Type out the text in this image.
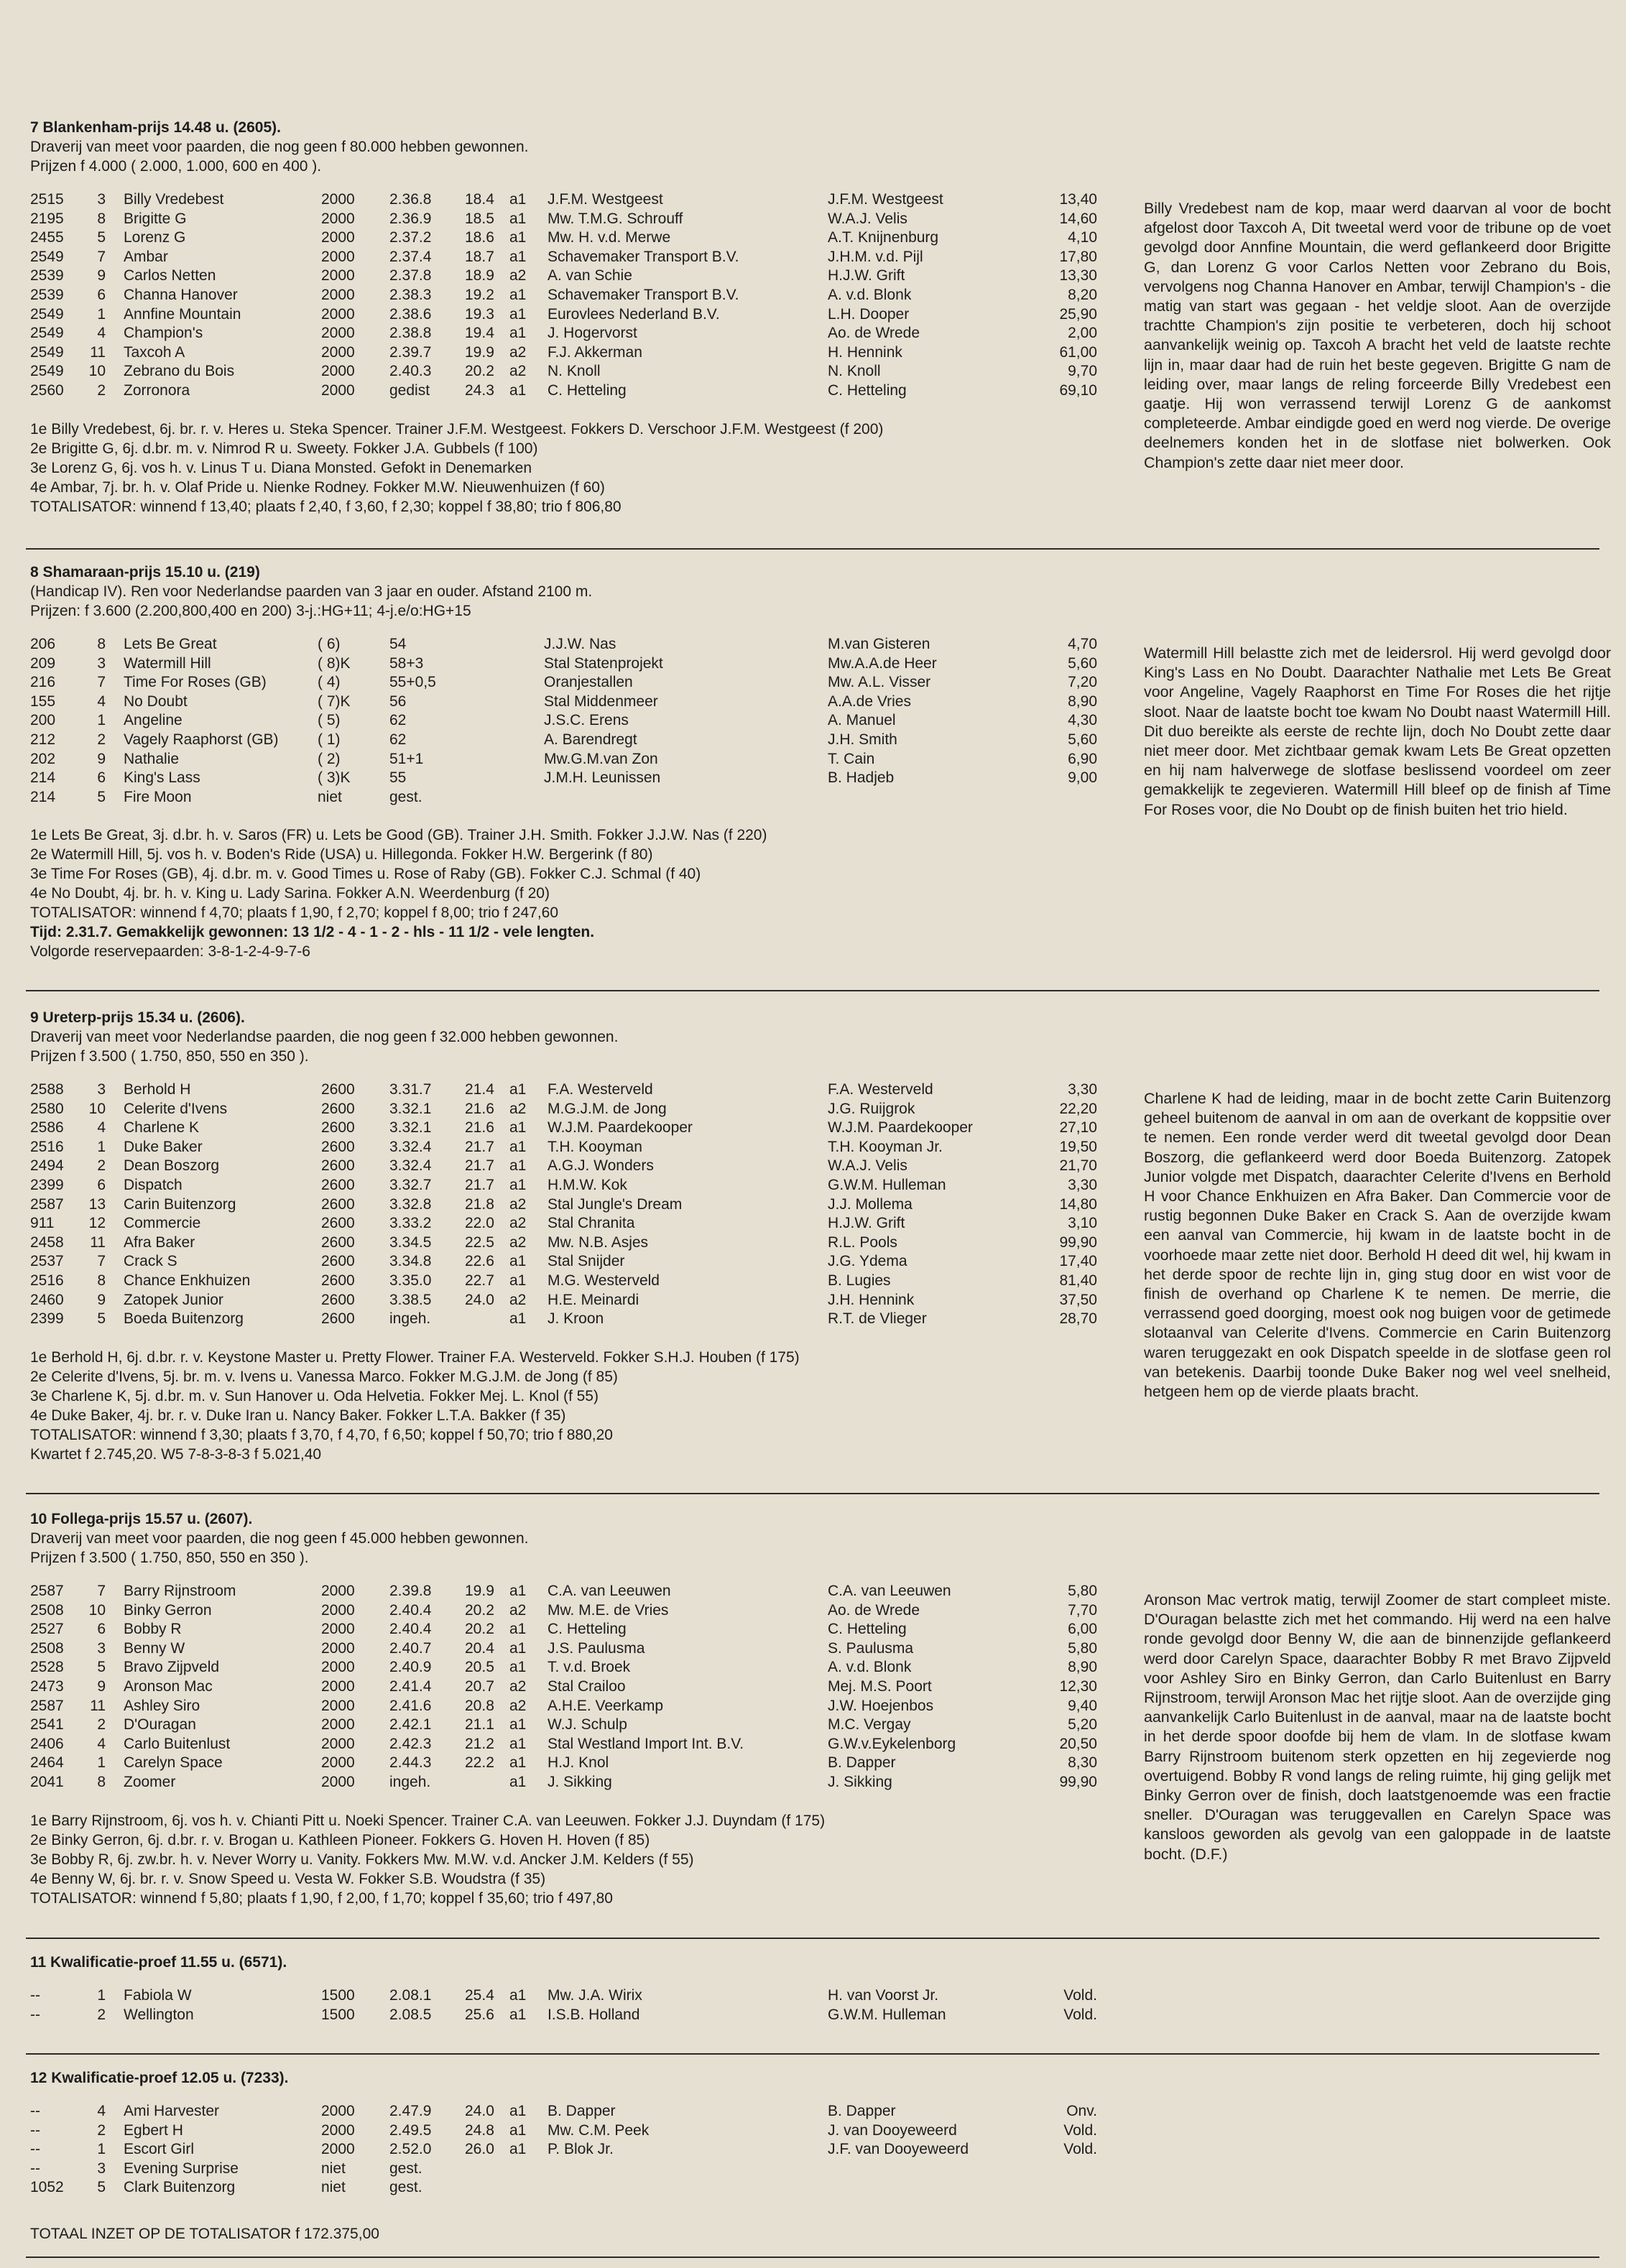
7 Blankenham-prijs 14.48 u. (2605).
Draverij van meet voor paarden, die nog geen f 80.000 hebben gewonnen.
Prijzen f 4.000 ( 2.000, 1.000, 600 en 400 ).
2515	3 Billy Vredebest	2000 2.36.8 18.4 a1 J.F.M. Westgeest	J.F.M. Westgeest	13,40
2195	8 Brigitte G	2000 2.36.9 18.5 a1 Mw. T.M.G. Schrouff	W.A.J. Velis	14,60
2455	5 Lorenz G	2000 2.37.2 18.6 a1 Mw. H. v.d. Merwe	A.T. Knijnenburg	4,10
2549	7 Ambar	2000 2.37.4 18.7 a1 Schavemaker Transport B.V.	J.H.M. v.d. Pijl	17,80
2539	9 Carlos Netten	2000 2.37.8 18.9 a2 A. van Schie	H.J.W. Grift	13,30
2539	6 Channa Hanover	2000 2.38.3 19.2 a1 Schavemaker Transport B.V.	A. v.d. Blonk	8,20
2549	1 Annfine Mountain	2000 2.38.6 19.3 a1 Eurovlees Nederland B.V.	L.H. Dooper	25,90
2549	4 Champion's	2000 2.38.8 19.4 a1 J. Hogervorst	Ao. de Wrede	2,00
2549	11 Taxcoh A	2000 2.39.7 19.9 a2 F.J. Akkerman	H. Hennink	61,00
2549	10 Zebrano du Bois	2000 2.40.3 20.2 a2 N. Knoll	N. Knoll	9,70
2560	2 Zorronora	2000 gedist 24.3 a1 C. Hetteling	C. Hetteling	69,10
1e Billy Vredebest, 6j. br. r. v. Heres u. Steka Spencer. Trainer J.F.M. Westgeest. Fokkers D. Verschoor J.F.M. Westgeest (f 200)
2e Brigitte G, 6j. d.br. m. v. Nimrod R u. Sweety. Fokker J.A. Gubbels (f 100)
3e Lorenz G, 6j. vos h. v. Linus T u. Diana Monsted. Gefokt in Denemarken
4e Ambar, 7j. br. h. v. Olaf Pride u. Nienke Rodney. Fokker M.W. Nieuwenhuizen (f 60)
TOTALISATOR: winnend f 13,40; plaats f 2,40, f 3,60, f 2,30; koppel f 38,80; trio f 806,80
Billy Vredebest nam de kop, maar werd daarvan al voor de bocht afgelost door Taxcoh A, Dit tweetal werd voor de tribune op de voet gevolgd door Annfine Mountain, die werd geflankeerd door Brigitte G, dan Lorenz G voor Carlos Netten voor Zebrano du Bois, vervolgens nog Channa Hanover en Ambar, terwijl Champion's - die matig van start was gegaan - het veldje sloot. Aan de overzijde trachtte Champion's zijn positie te verbeteren, doch hij schoot aanvankelijk weinig op. Taxcoh A bracht het veld de laatste rechte lijn in, maar daar had de ruin het beste gegeven. Brigitte G nam de leiding over, maar langs de reling forceerde Billy Vredebest een gaatje. Hij won verrassend terwijl Lorenz G de aankomst completeerde. Ambar eindigde goed en werd nog vierde. De overige deelnemers konden het in de slotfase niet bolwerken. Ook Champion's zette daar niet meer door.
8 Shamaraan-prijs 15.10 u. (219)
(Handicap IV). Ren voor Nederlandse paarden van 3 jaar en ouder. Afstand 2100 m.
Prijzen: f 3.600 (2.200,800,400 en 200) 3-j.:HG+11; 4-j.e/o:HG+15
206	8 Lets Be Great	( 6)	54	J.J.W. Nas	M.van Gisteren	4,70
209	3 Watermill Hill	( 8)K	58+3	Stal Statenprojekt	Mw.A.A.de Heer	5,60
216	7 Time For Roses (GB)	( 4)	55+0,5	Oranjestallen	Mw. A.L. Visser	7,20
155	4 No Doubt	( 7)K	56	Stal Middenmeer	A.A.de Vries	8,90
200	1 Angeline	( 5)	62	J.S.C. Erens	A. Manuel	4,30
212	2 Vagely Raaphorst (GB)	( 1)	62	A. Barendregt	J.H. Smith	5,60
202	9 Nathalie	( 2)	51+1	Mw.G.M.van Zon	T. Cain	6,90
214	6 King's Lass	( 3)K	55	J.M.H. Leunissen	B. Hadjeb	9,00
214	5 Fire Moon	niet	gest.
1e Lets Be Great, 3j. d.br. h. v. Saros (FR) u. Lets be Good (GB). Trainer J.H. Smith. Fokker J.J.W. Nas (f 220)
2e Watermill Hill, 5j. vos h. v. Boden's Ride (USA) u. Hillegonda. Fokker H.W. Bergerink (f 80)
3e Time For Roses (GB), 4j. d.br. m. v. Good Times u. Rose of Raby (GB). Fokker C.J. Schmal (f 40)
4e No Doubt, 4j. br. h. v. King u. Lady Sarina. Fokker A.N. Weerdenburg (f 20)
TOTALISATOR: winnend f 4,70; plaats f 1,90, f 2,70; koppel f 8,00; trio f 247,60
Tijd: 2.31.7. Gemakkelijk gewonnen: 13 1/2 - 4 - 1 - 2 - hls - 11 1/2 - vele lengten.
Volgorde reservepaarden: 3-8-1-2-4-9-7-6
Watermill Hill belastte zich met de leidersrol. Hij werd gevolgd door King's Lass en No Doubt. Daarachter Nathalie met Lets Be Great voor Angeline, Vagely Raaphorst en Time For Roses die het rijtje sloot. Naar de laatste bocht toe kwam No Doubt naast Watermill Hill. Dit duo bereikte als eerste de rechte lijn, doch No Doubt zette daar niet meer door. Met zichtbaar gemak kwam Lets Be Great opzetten en hij nam halverwege de slotfase beslissend voordeel om zeer gemakkelijk te zegevieren. Watermill Hill bleef op de finish af Time For Roses voor, die No Doubt op de finish buiten het trio hield.
9 Ureterp-prijs 15.34 u. (2606).
Draverij van meet voor Nederlandse paarden, die nog geen f 32.000 hebben gewonnen.
Prijzen f 3.500 ( 1.750, 850, 550 en 350 ).
2588	3 Berhold H	2600 3.31.7 21.4 a1 F.A. Westerveld	F.A. Westerveld	3,30
2580	10 Celerite d'Ivens	2600 3.32.1 21.6 a2 M.G.J.M. de Jong	J.G. Ruijgrok	22,20
2586	4 Charlene K	2600 3.32.1 21.6 a1 W.J.M. Paardekooper	W.J.M. Paardekooper	27,10
2516	1 Duke Baker	2600 3.32.4 21.7 a1 T.H. Kooyman	T.H. Kooyman Jr.	19,50
2494	2 Dean Boszorg	2600 3.32.4 21.7 a1 A.G.J. Wonders	W.A.J. Velis	21,70
2399	6 Dispatch	2600 3.32.7 21.7 a1 H.M.W. Kok	G.W.M. Hulleman	3,30
2587	13 Carin Buitenzorg	2600 3.32.8 21.8 a2 Stal Jungle's Dream	J.J. Mollema	14,80
911	12 Commercie	2600 3.33.2 22.0 a2 Stal Chranita	H.J.W. Grift	3,10
2458	11 Afra Baker	2600 3.34.5 22.5 a2 Mw. N.B. Asjes	R.L. Pools	99,90
2537	7 Crack S	2600 3.34.8 22.6 a1 Stal Snijder	J.G. Ydema	17,40
2516	8 Chance Enkhuizen	2600 3.35.0 22.7 a1 M.G. Westerveld	B. Lugies	81,40
2460	9 Zatopek Junior	2600 3.38.5 24.0 a2 H.E. Meinardi	J.H. Hennink	37,50
2399	5 Boeda Buitenzorg	2600 ingeh.	a1 J. Kroon	R.T. de Vlieger	28,70
1e Berhold H, 6j. d.br. r. v. Keystone Master u. Pretty Flower. Trainer F.A. Westerveld. Fokker S.H.J. Houben (f 175)
2e Celerite d'Ivens, 5j. br. m. v. Ivens u. Vanessa Marco. Fokker M.G.J.M. de Jong (f 85)
3e Charlene K, 5j. d.br. m. v. Sun Hanover u. Oda Helvetia. Fokker Mej. L. Knol (f 55)
4e Duke Baker, 4j. br. r. v. Duke Iran u. Nancy Baker. Fokker L.T.A. Bakker (f 35)
TOTALISATOR: winnend f 3,30; plaats f 3,70, f 4,70, f 6,50; koppel f 50,70; trio f 880,20
Kwartet f 2.745,20. W5 7-8-3-8-3 f 5.021,40
Charlene K had de leiding, maar in de bocht zette Carin Buitenzorg geheel buitenom de aanval in om aan de overkant de koppsitie over te nemen. Een ronde verder werd dit tweetal gevolgd door Dean Boszorg, die geflankeerd werd door Boeda Buitenzorg. Zatopek Junior volgde met Dispatch, daarachter Celerite d'Ivens en Berhold H voor Chance Enkhuizen en Afra Baker. Dan Commercie voor de rustig begonnen Duke Baker en Crack S. Aan de overzijde kwam een aanval van Commercie, hij kwam in de laatste bocht in de voorhoede maar zette niet door. Berhold H deed dit wel, hij kwam in het derde spoor de rechte lijn in, ging stug door en wist voor de finish de overhand op Charlene K te nemen. De merrie, die verrassend goed doorging, moest ook nog buigen voor de getimede slotaanval van Celerite d'Ivens. Commercie en Carin Buitenzorg waren teruggezakt en ook Dispatch speelde in de slotfase geen rol van betekenis. Daarbij toonde Duke Baker nog wel veel snelheid, hetgeen hem op de vierde plaats bracht.
10 Follega-prijs 15.57 u. (2607).
Draverij van meet voor paarden, die nog geen f 45.000 hebben gewonnen.
Prijzen f 3.500 ( 1.750, 850, 550 en 350 ).
2587	7 Barry Rijnstroom	2000 2.39.8 19.9 a1 C.A. van Leeuwen	C.A. van Leeuwen	5,80
2508	10 Binky Gerron	2000 2.40.4 20.2 a2 Mw. M.E. de Vries	Ao. de Wrede	7,70
2527	6 Bobby R	2000 2.40.4 20.2 a1 C. Hetteling	C. Hetteling	6,00
2508	3 Benny W	2000 2.40.7 20.4 a1 J.S. Paulusma	S. Paulusma	5,80
2528	5 Bravo Zijpveld	2000 2.40.9 20.5 a1 T. v.d. Broek	A. v.d. Blonk	8,90
2473	9 Aronson Mac	2000 2.41.4 20.7 a2 Stal Crailoo	Mej. M.S. Poort	12,30
2587	11 Ashley Siro	2000 2.41.6 20.8 a2 A.H.E. Veerkamp	J.W. Hoejenbos	9,40
2541	2 D'Ouragan	2000 2.42.1 21.1 a1 W.J. Schulp	M.C. Vergay	5,20
2406	4 Carlo Buitenlust	2000 2.42.3 21.2 a1 Stal Westland Import Int. B.V.	G.W.v.Eykelenborg	20,50
2464	1 Carelyn Space	2000 2.44.3 22.2 a1 H.J. Knol	B. Dapper	8,30
2041	8 Zoomer	2000 ingeh.	a1 J. Sikking	J. Sikking	99,90
1e Barry Rijnstroom, 6j. vos h. v. Chianti Pitt u. Noeki Spencer. Trainer C.A. van Leeuwen. Fokker J.J. Duyndam (f 175)
2e Binky Gerron, 6j. d.br. r. v. Brogan u. Kathleen Pioneer. Fokkers G. Hoven H. Hoven (f 85)
3e Bobby R, 6j. zw.br. h. v. Never Worry u. Vanity. Fokkers Mw. M.W. v.d. Ancker J.M. Kelders (f 55)
4e Benny W, 6j. br. r. v. Snow Speed u. Vesta W. Fokker S.B. Woudstra (f 35)
TOTALISATOR: winnend f 5,80; plaats f 1,90, f 2,00, f 1,70; koppel f 35,60; trio f 497,80
Aronson Mac vertrok matig, terwijl Zoomer de start compleet miste. D'Ouragan belastte zich met het commando. Hij werd na een halve ronde gevolgd door Benny W, die aan de binnenzijde geflankeerd werd door Carelyn Space, daarachter Bobby R met Bravo Zijpveld voor Ashley Siro en Binky Gerron, dan Carlo Buitenlust en Barry Rijnstroom, terwijl Aronson Mac het rijtje sloot. Aan de overzijde ging aanvankelijk Carlo Buitenlust in de aanval, maar na de laatste bocht in het derde spoor doofde bij hem de vlam. In de slotfase kwam Barry Rijnstroom buitenom sterk opzetten en hij zegevierde nog overtuigend. Bobby R vond langs de reling ruimte, hij ging gelijk met Binky Gerron over de finish, doch laatstgenoemde was een fractie sneller. D'Ouragan was teruggevallen en Carelyn Space was kansloos geworden als gevolg van een galoppade in de laatste bocht. (D.F.)
11 Kwalificatie-proef 11.55 u. (6571).
--	1 Fabiola W	1500 2.08.1 25.4 a1 Mw. J.A. Wirix	H. van Voorst Jr.	Vold.
--	2 Wellington	1500 2.08.5 25.6 a1 I.S.B. Holland	G.W.M. Hulleman	Vold.
12 Kwalificatie-proef 12.05 u. (7233).
--	4 Ami Harvester	2000 2.47.9 24.0 a1 B. Dapper	B. Dapper	Onv.
--	2 Egbert H	2000 2.49.5 24.8 a1 Mw. C.M. Peek	J. van Dooyeweerd	Vold.
--	1 Escort Girl	2000 2.52.0 26.0 a1 P. Blok Jr.	J.F. van Dooyeweerd	Vold.
--	3 Evening Surprise	niet	gest.
1052	5 Clark Buitenzorg	niet	gest.
TOTAAL INZET OP DE TOTALISATOR f 172.375,00
